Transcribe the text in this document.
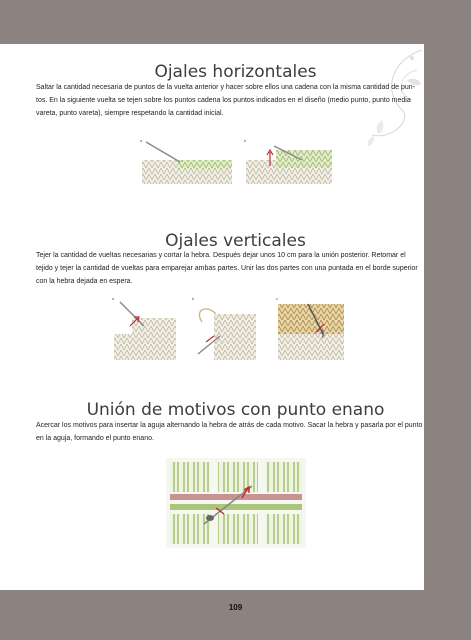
Ojales horizontales

Saltar la cantidad necesaria de puntos de la vuelta anterior y hacer sobre ellos una cadena con la misma cantidad de pun-
tos. En la siguiente vuelta se tejen sobre los puntos cadena los puntos indicados en el diseño (medio punto, punto media
vareta, punto vareta), siempre respetando la cantidad inicial.

a	b
Ojales verticales

Tejer la cantidad de vueltas necesarias y cortar la hebra. Después dejar unos 10 cm para la unión posterior. Retomar el
tejido y tejer la cantidad de vueltas para emparejar ambas partes. Unir las dos partes con una puntada en el borde superior
con la hebra dejada en espera.

a	b	c
Unión de motivos con punto enano

Acercar los motivos para insertar la aguja alternando la hebra de atrás de cada motivo. Sacar la hebra y pasarla por el punto
en la aguja, formando el punto enano.

109
